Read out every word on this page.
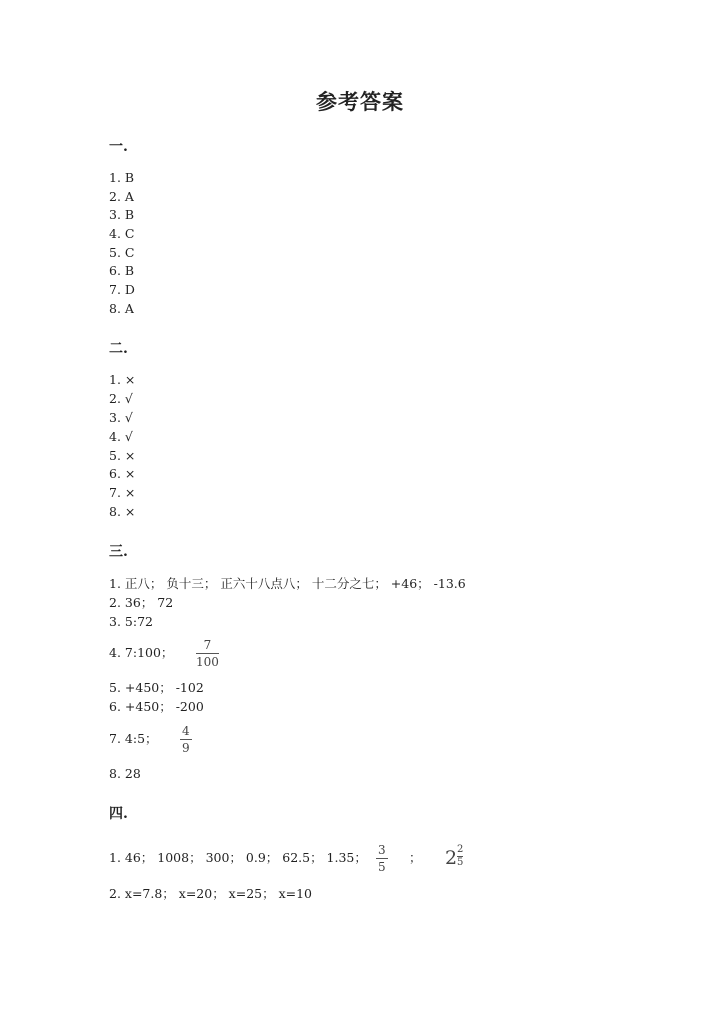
参考答案
一.
1. B
2. A
3. B
4. C
5. C
6. B
7. D
8. A
二.
1. ×
2. √
3. √
4. √
5. ×
6. ×
7. ×
8. ×
三.
1. 正八； 负十三； 正六十八点八； 十二分之七； +46； -13.6
2. 36； 72
3. 5:72
4. 7:100； $\frac{7}{100}$
5. +450； -102
6. +450； -200
7. 4:5； $\frac{4}{9}$
8. 28
四.
1. 46； 1008； 300； 0.9； 62.5； 1.35； $\frac{3}{5}$ ； $2 \frac{2}{5}$
2. x=7.8； x=20； x=25； x=10
